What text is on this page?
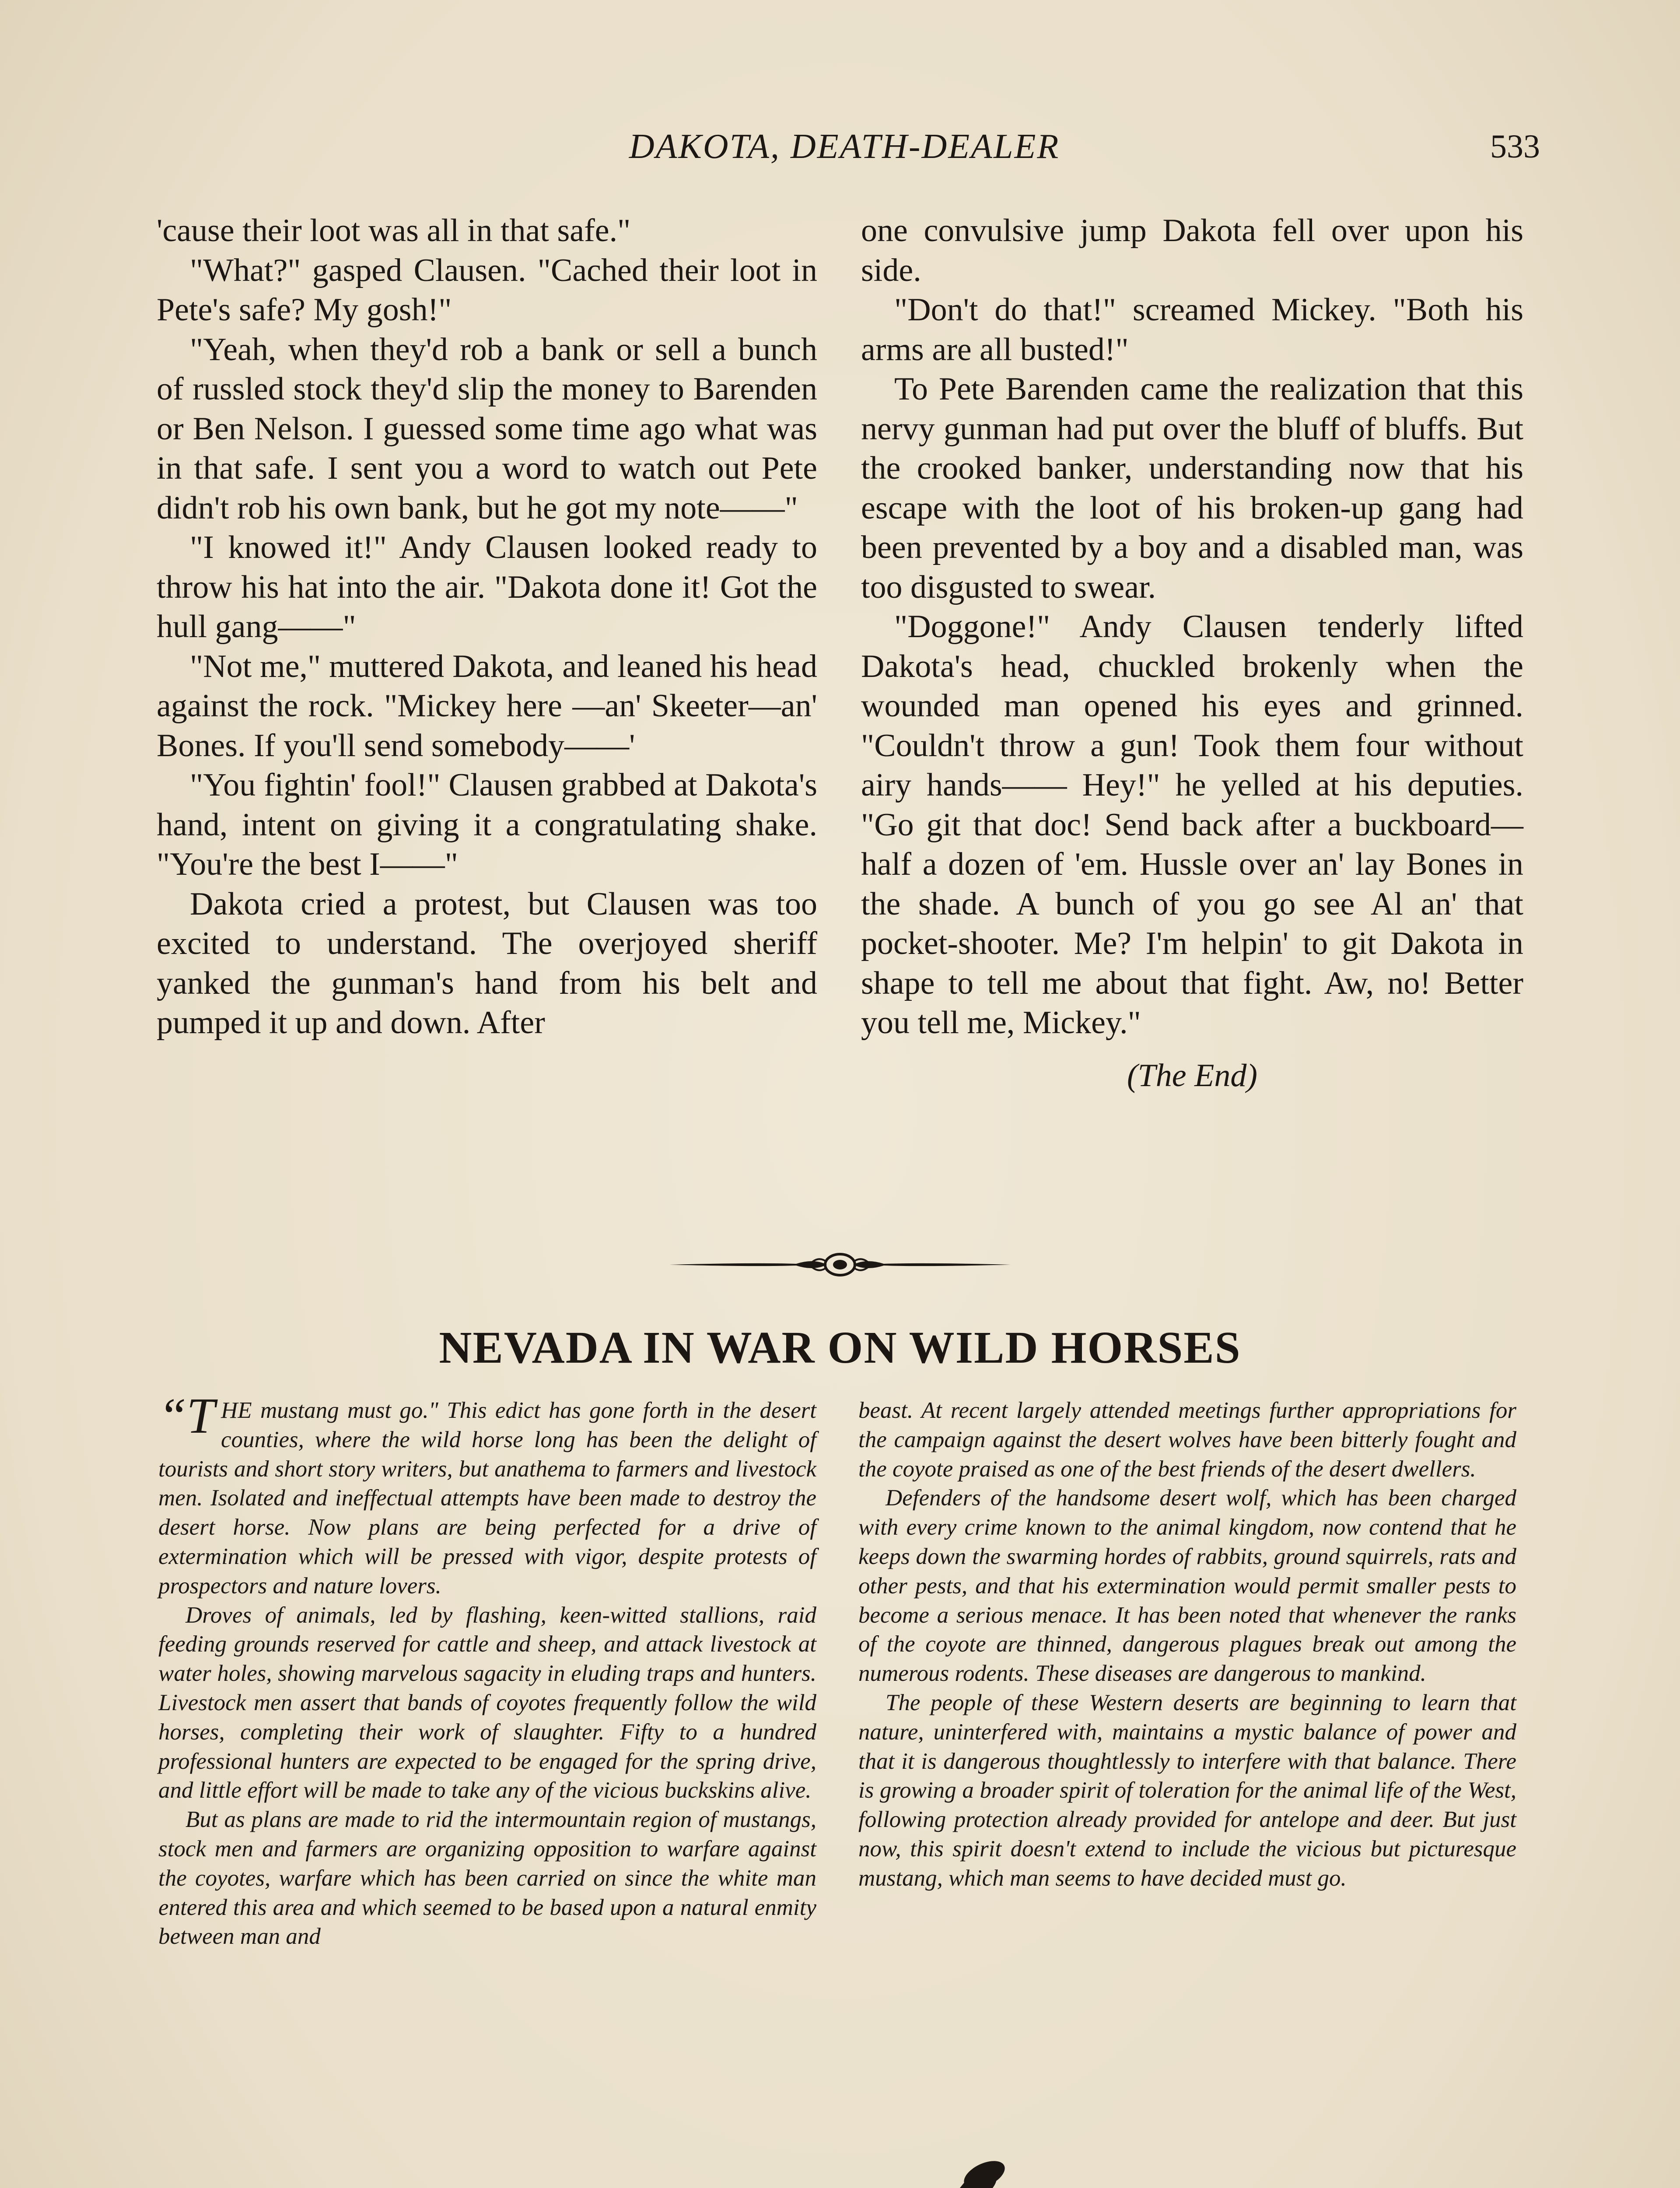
DAKOTA, DEATH-DEALER	533

'cause their loot was all in that safe."

"What?" gasped Clausen. "Cached their loot in Pete's safe? My gosh!"

"Yeah, when they'd rob a bank or sell a bunch of russled stock they'd slip the money to Barenden or Ben Nelson. I guessed some time ago what was in that safe. I sent you a word to watch out Pete didn't rob his own bank, but he got my note——"

"I knowed it!" Andy Clausen looked ready to throw his hat into the air. "Dakota done it! Got the hull gang——"

"Not me," muttered Dakota, and leaned his head against the rock. "Mickey here —an' Skeeter—an' Bones. If you'll send somebody——'

"You fightin' fool!" Clausen grabbed at Dakota's hand, intent on giving it a congratulating shake. "You're the best I——"

Dakota cried a protest, but Clausen was too excited to understand. The overjoyed sheriff yanked the gunman's hand from his belt and pumped it up and down. After

one convulsive jump Dakota fell over upon his side.

"Don't do that!" screamed Mickey. "Both his arms are all busted!"

To Pete Barenden came the realization that this nervy gunman had put over the bluff of bluffs. But the crooked banker, understanding now that his escape with the loot of his broken-up gang had been prevented by a boy and a disabled man, was too disgusted to swear.

"Doggone!" Andy Clausen tenderly lifted Dakota's head, chuckled brokenly when the wounded man opened his eyes and grinned. "Couldn't throw a gun! Took them four without airy hands—— Hey!" he yelled at his deputies. "Go git that doc! Send back after a buckboard—half a dozen of 'em. Hussle over an' lay Bones in the shade. A bunch of you go see Al an' that pocket-shooter. Me? I'm helpin' to git Dakota in shape to tell me about that fight. Aw, no! Better you tell me, Mickey."

(The End)
NEVADA IN WAR ON WILD HORSES

“T HE mustang must go." This edict has gone forth in the desert counties, where the wild horse long has been the delight of tourists and short story writers, but anathema to farmers and livestock men. Isolated and ineffectual attempts have been made to destroy the desert horse. Now plans are being perfected for a drive of extermination which will be pressed with vigor, despite protests of prospectors and nature lovers.

Droves of animals, led by flashing, keen-witted stallions, raid feeding grounds reserved for cattle and sheep, and attack livestock at water holes, showing marvelous sagacity in eluding traps and hunters. Livestock men assert that bands of coyotes frequently follow the wild horses, completing their work of slaughter. Fifty to a hundred professional hunters are expected to be engaged for the spring drive, and little effort will be made to take any of the vicious buckskins alive.

But as plans are made to rid the intermountain region of mustangs, stock men and farmers are organizing opposition to warfare against the coyotes, warfare which has been carried on since the white man entered this area and which seemed to be based upon a natural enmity between man and

beast. At recent largely attended meetings further appropriations for the campaign against the desert wolves have been bitterly fought and the coyote praised as one of the best friends of the desert dwellers.

Defenders of the handsome desert wolf, which has been charged with every crime known to the animal kingdom, now contend that he keeps down the swarming hordes of rabbits, ground squirrels, rats and other pests, and that his extermination would permit smaller pests to become a serious menace. It has been noted that whenever the ranks of the coyote are thinned, dangerous plagues break out among the numerous rodents. These diseases are dangerous to mankind.

The people of these Western deserts are beginning to learn that nature, uninterfered with, maintains a mystic balance of power and that it is dangerous thoughtlessly to interfere with that balance. There is growing a broader spirit of toleration for the animal life of the West, following protection already provided for antelope and deer. But just now, this spirit doesn't extend to include the vicious but picturesque mustang, which man seems to have decided must go.
